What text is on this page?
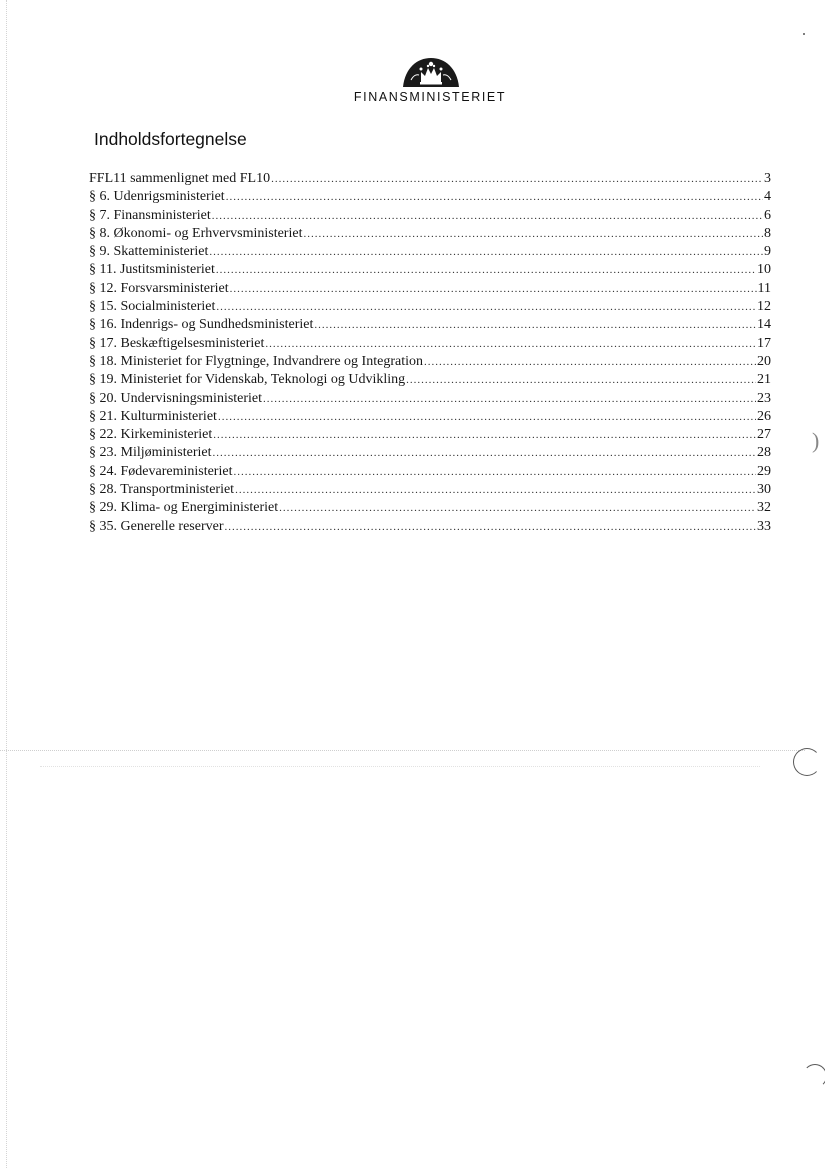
)
FINANSMINISTERIET
Indholdsfortegnelse
FFL11 sammenlignet med FL10 .....	3
§ 6. Udenrigsministeriet .....	4
§ 7. Finansministeriet .....	6
§ 8. Økonomi- og Erhvervsministeriet .....	8
§ 9. Skatteministeriet .....	9
§ 11. Justitsministeriet .....	10
§ 12. Forsvarsministeriet .....	11
§ 15. Socialministeriet .....	12
§ 16. Indenrigs- og Sundhedsministeriet .....	14
§ 17. Beskæftigelsesministeriet .....	17
§ 18. Ministeriet for Flygtninge, Indvandrere og Integration .....	20
§ 19. Ministeriet for Videnskab, Teknologi og Udvikling .....	21
§ 20. Undervisningsministeriet .....	23
§ 21. Kulturministeriet .....	26
§ 22. Kirkeministeriet .....	27
§ 23. Miljøministeriet .....	28
§ 24. Fødevareministeriet .....	29
§ 28. Transportministeriet .....	30
§ 29. Klima- og Energiministeriet .....	32
§ 35. Generelle reserver .....	33
